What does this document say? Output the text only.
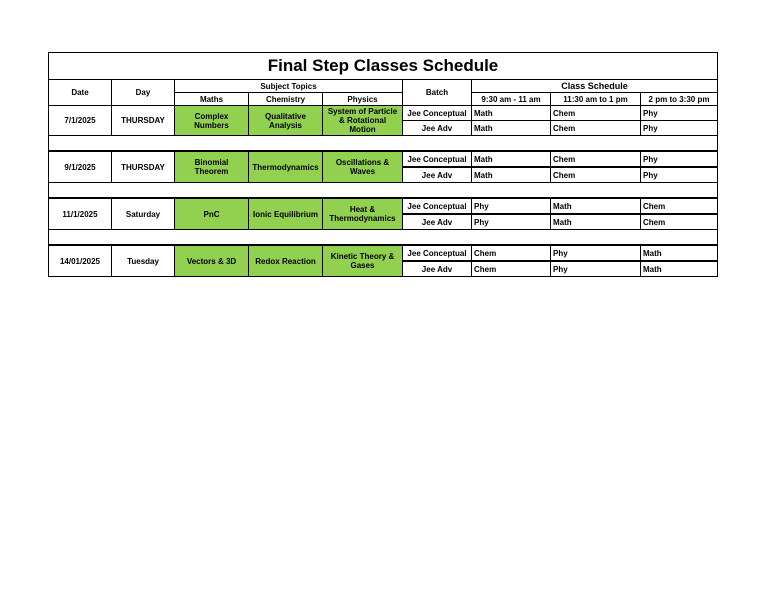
Final Step Classes Schedule								
Date	Day	Subject Topics			Batch	Class Schedule		
		Maths	Chemistry	Physics		9:30 am - 11 am	11:30 am to 1 pm	2 pm to 3:30 pm
7/1/2025	THURSDAY	Complex Numbers	Qualitative Analysis	System of Particle & Rotational Motion	Jee Conceptual	Math	Chem	Phy
					Jee Adv	Math	Chem	Phy

9/1/2025	THURSDAY	Binomial Theorem	Thermodynamics	Oscillations & Waves	Jee Conceptual	Math	Chem	Phy
					Jee Adv	Math	Chem	Phy

11/1/2025	Saturday	PnC	Ionic Equilibrium	Heat & Thermodynamics	Jee Conceptual	Phy	Math	Chem
					Jee Adv	Phy	Math	Chem

14/01/2025	Tuesday	Vectors & 3D	Redox Reaction	Kinetic Theory & Gases	Jee Conceptual	Chem	Phy	Math
					Jee Adv	Chem	Phy	Math
